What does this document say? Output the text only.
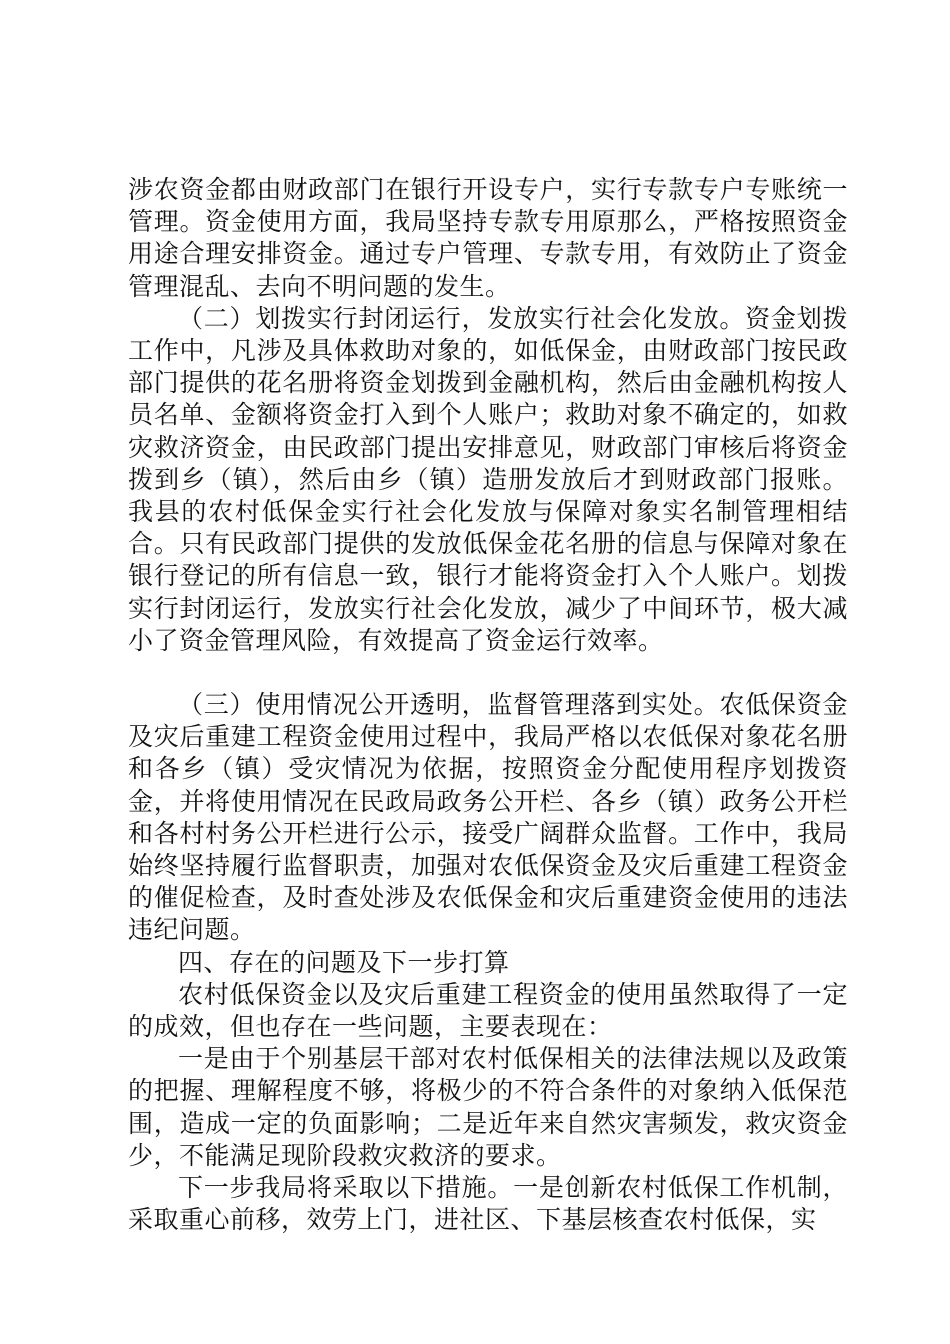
涉农资金都由财政部门在银行开设专户，实行专款专户专账统一管理。资金使用方面，我局坚持专款专用原那么，严格按照资金用途合理安排资金。通过专户管理、专款专用，有效防止了资金管理混乱、去向不明问题的发生。

（二）划拨实行封闭运行，发放实行社会化发放。资金划拨工作中，凡涉及具体救助对象的，如低保金，由财政部门按民政部门提供的花名册将资金划拨到金融机构，然后由金融机构按人员名单、金额将资金打入到个人账户；救助对象不确定的，如救灾救济资金，由民政部门提出安排意见，财政部门审核后将资金拨到乡（镇），然后由乡（镇）造册发放后才到财政部门报账。我县的农村低保金实行社会化发放与保障对象实名制管理相结合。只有民政部门提供的发放低保金花名册的信息与保障对象在银行登记的所有信息一致，银行才能将资金打入个人账户。划拨实行封闭运行，发放实行社会化发放，减少了中间环节，极大减小了资金管理风险，有效提高了资金运行效率。

（三）使用情况公开透明，监督管理落到实处。农低保资金及灾后重建工程资金使用过程中，我局严格以农低保对象花名册和各乡（镇）受灾情况为依据，按照资金分配使用程序划拨资金，并将使用情况在民政局政务公开栏、各乡（镇）政务公开栏和各村村务公开栏进行公示，接受广阔群众监督。工作中，我局始终坚持履行监督职责，加强对农低保资金及灾后重建工程资金的催促检查，及时查处涉及农低保金和灾后重建资金使用的违法违纪问题。

四、存在的问题及下一步打算

农村低保资金以及灾后重建工程资金的使用虽然取得了一定的成效，但也存在一些问题，主要表现在：

一是由于个别基层干部对农村低保相关的法律法规以及政策的把握、理解程度不够，将极少的不符合条件的对象纳入低保范围，造成一定的负面影响；二是近年来自然灾害频发，救灾资金少，不能满足现阶段救灾救济的要求。

下一步我局将采取以下措施。一是创新农村低保工作机制，采取重心前移，效劳上门，进社区、下基层核查农村低保，实
